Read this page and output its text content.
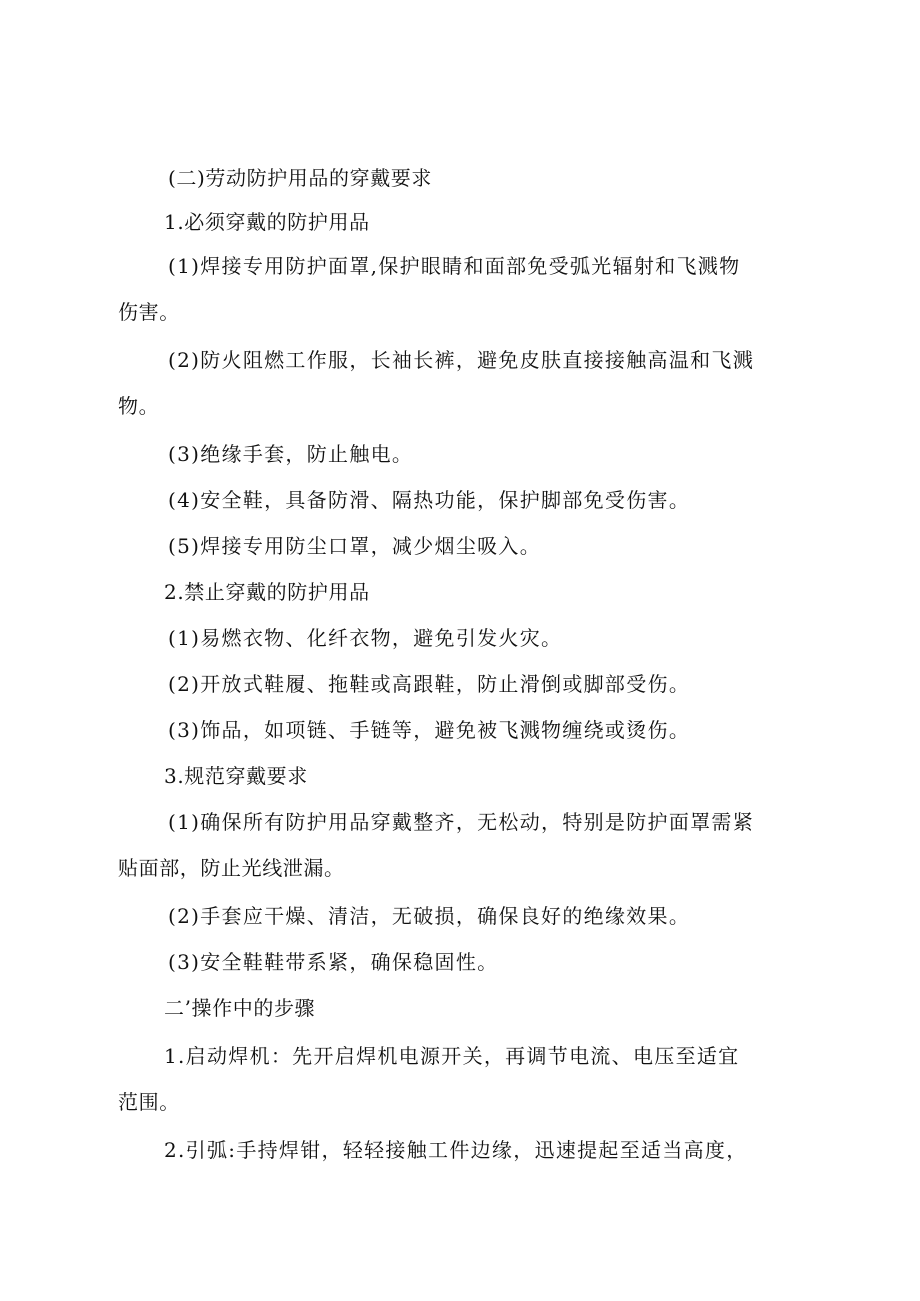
(二)劳动防护用品的穿戴要求
1.必须穿戴的防护用品
(1)焊接专用防护面罩,保护眼睛和面部免受弧光辐射和飞溅物
伤害。
(2)防火阻燃工作服，长袖长裤，避免皮肤直接接触高温和飞溅
物。
(3)绝缘手套，防止触电。
(4)安全鞋，具备防滑、隔热功能，保护脚部免受伤害。
(5)焊接专用防尘口罩，减少烟尘吸入。
2.禁止穿戴的防护用品
(1)易燃衣物、化纤衣物，避免引发火灾。
(2)开放式鞋履、拖鞋或高跟鞋，防止滑倒或脚部受伤。
(3)饰品，如项链、手链等，避免被飞溅物缠绕或烫伤。
3.规范穿戴要求
(1)确保所有防护用品穿戴整齐，无松动，特别是防护面罩需紧
贴面部，防止光线泄漏。
(2)手套应干燥、清洁，无破损，确保良好的绝缘效果。
(3)安全鞋鞋带系紧，确保稳固性。
二’操作中的步骤
1.启动焊机：先开启焊机电源开关，再调节电流、电压至适宜
范围。
2.引弧:手持焊钳，轻轻接触工件边缘，迅速提起至适当高度，
